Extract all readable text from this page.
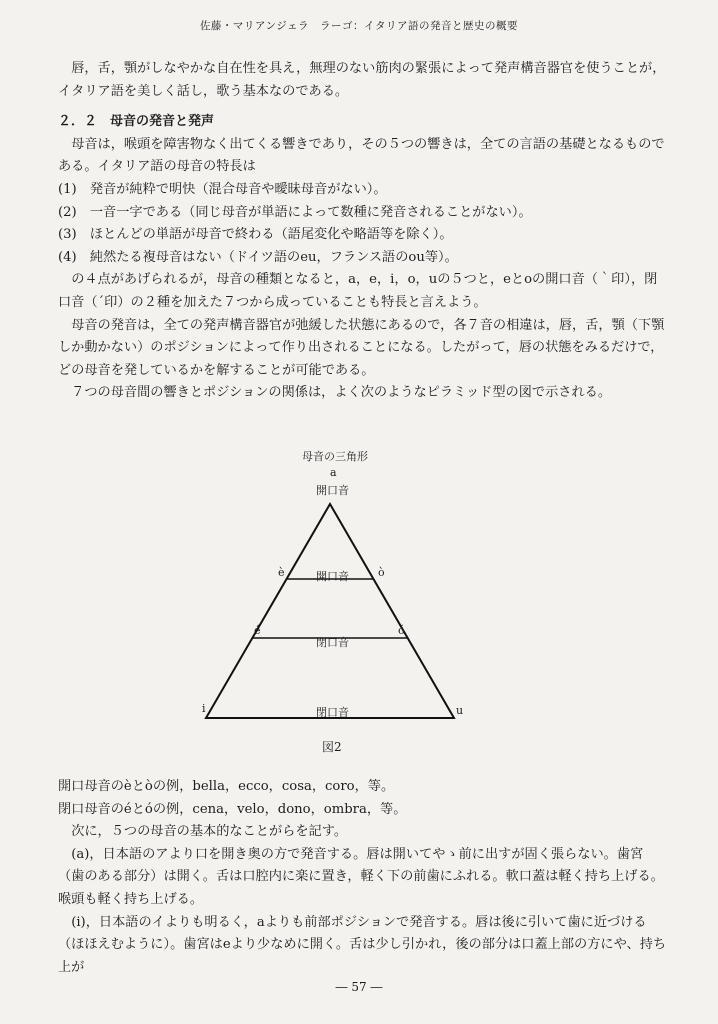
佐藤・マリアンジェラ　ラーゴ：イタリア語の発音と歴史の概要

唇，舌，顎がしなやかな自在性を具え，無理のない筋肉の緊張によって発声構音器官を使うことが，イタリア語を美しく話し，歌う基本なのである。

２．２　母音の発音と発声

母音は，喉頭を障害物なく出てくる響きであり，その５つの響きは，全ての言語の基礎となるものである。イタリア語の母音の特長は

(1)　発音が純粋で明快（混合母音や曖昧母音がない）。

(2)　一音一字である（同じ母音が単語によって数種に発音されることがない）。

(3)　ほとんどの単語が母音で終わる（語尾変化や略語等を除く）。

(4)　純然たる複母音はない（ドイツ語のeu，フランス語のou等）。

の４点があげられるが，母音の種類となると，a，e，i，o，uの５つと，eとoの開口音（｀印），閉口音（´印）の２種を加えた７つから成っていることも特長と言えよう。

母音の発音は，全ての発声構音器官が弛緩した状態にあるので，各７音の相違は，唇，舌，顎（下顎しか動かない）のポジションによって作り出されることになる。したがって，唇の状態をみるだけで，どの母音を発しているかを解することが可能である。

７つの母音間の響きとポジションの関係は，よく次のようなピラミッド型の図で示される。

母音の三角形
a
開口音
è	開口音	ò
é
閉口音
ó
i	閉口音	u
図2

開口母音のèとòの例，bella，ecco，cosa，coro，等。

閉口母音のéとóの例，cena，velo，dono，ombra，等。

次に，５つの母音の基本的なことがらを記す。

(a)，日本語のアより口を開き奥の方で発音する。唇は開いてやゝ前に出すが固く張らない。歯宮（歯のある部分）は開く。舌は口腔内に楽に置き，軽く下の前歯にふれる。軟口蓋は軽く持ち上げる。喉頭も軽く持ち上げる。

(i)，日本語のイよりも明るく，aよりも前部ポジションで発音する。唇は後に引いて歯に近づける（ほほえむように）。歯宮はeより少なめに開く。舌は少し引かれ，後の部分は口蓋上部の方にや、持ち上が

― 57 ―
